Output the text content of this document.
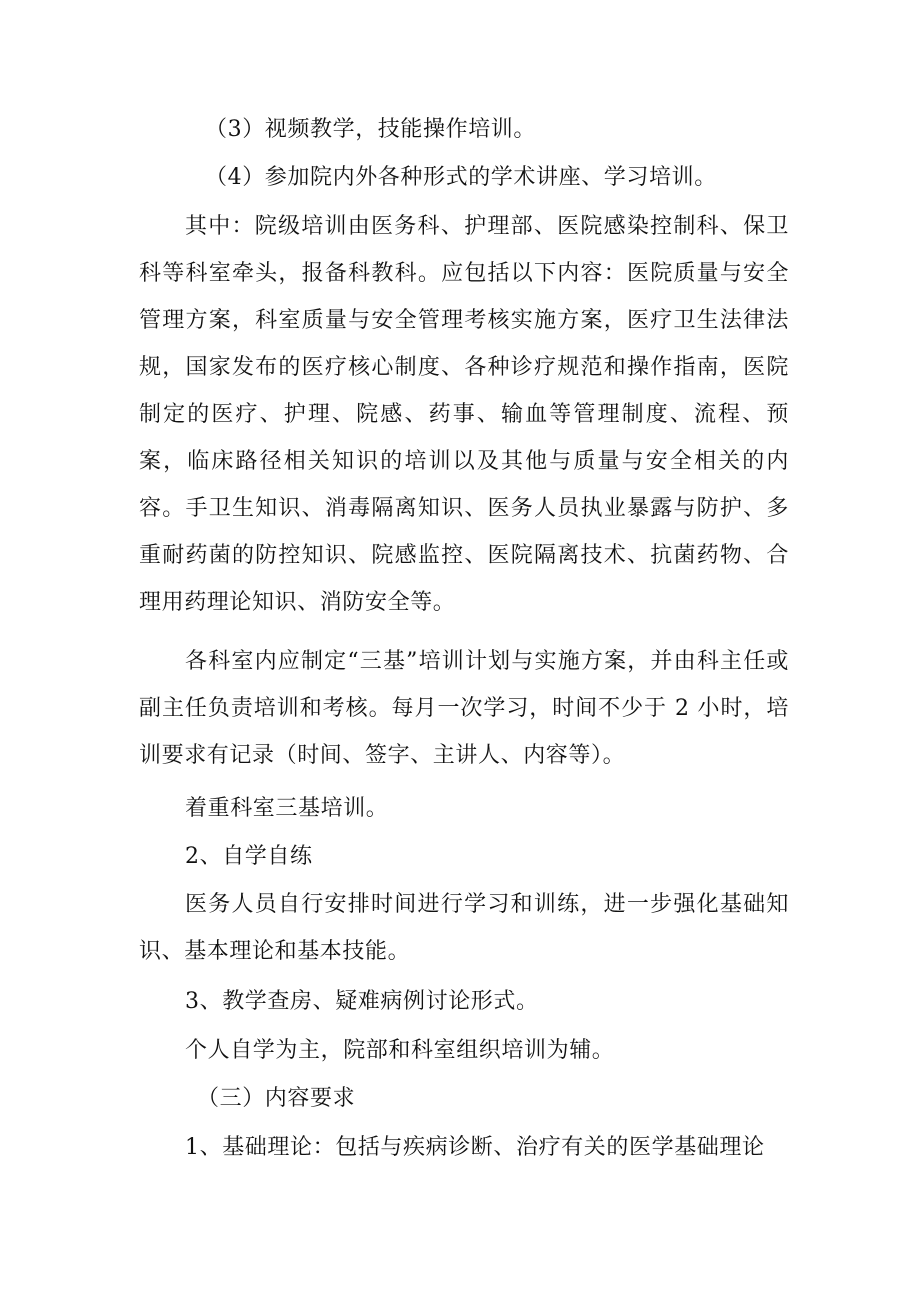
（3）视频教学，技能操作培训。

（4）参加院内外各种形式的学术讲座、学习培训。

其中：院级培训由医务科、护理部、医院感染控制科、保卫科等科室牵头，报备科教科。应包括以下内容：医院质量与安全管理方案，科室质量与安全管理考核实施方案，医疗卫生法律法规，国家发布的医疗核心制度、各种诊疗规范和操作指南，医院制定的医疗、护理、院感、药事、输血等管理制度、流程、预案，临床路径相关知识的培训以及其他与质量与安全相关的内容。手卫生知识、消毒隔离知识、医务人员执业暴露与防护、多重耐药菌的防控知识、院感监控、医院隔离技术、抗菌药物、合理用药理论知识、消防安全等。

各科室内应制定“三基”培训计划与实施方案，并由科主任或副主任负责培训和考核。每月一次学习，时间不少于 2 小时，培训要求有记录（时间、签字、主讲人、内容等）。

着重科室三基培训。

2、自学自练

医务人员自行安排时间进行学习和训练，进一步强化基础知识、基本理论和基本技能。

3、教学查房、疑难病例讨论形式。

个人自学为主，院部和科室组织培训为辅。

（三）内容要求

1、基础理论：包括与疾病诊断、治疗有关的医学基础理论
